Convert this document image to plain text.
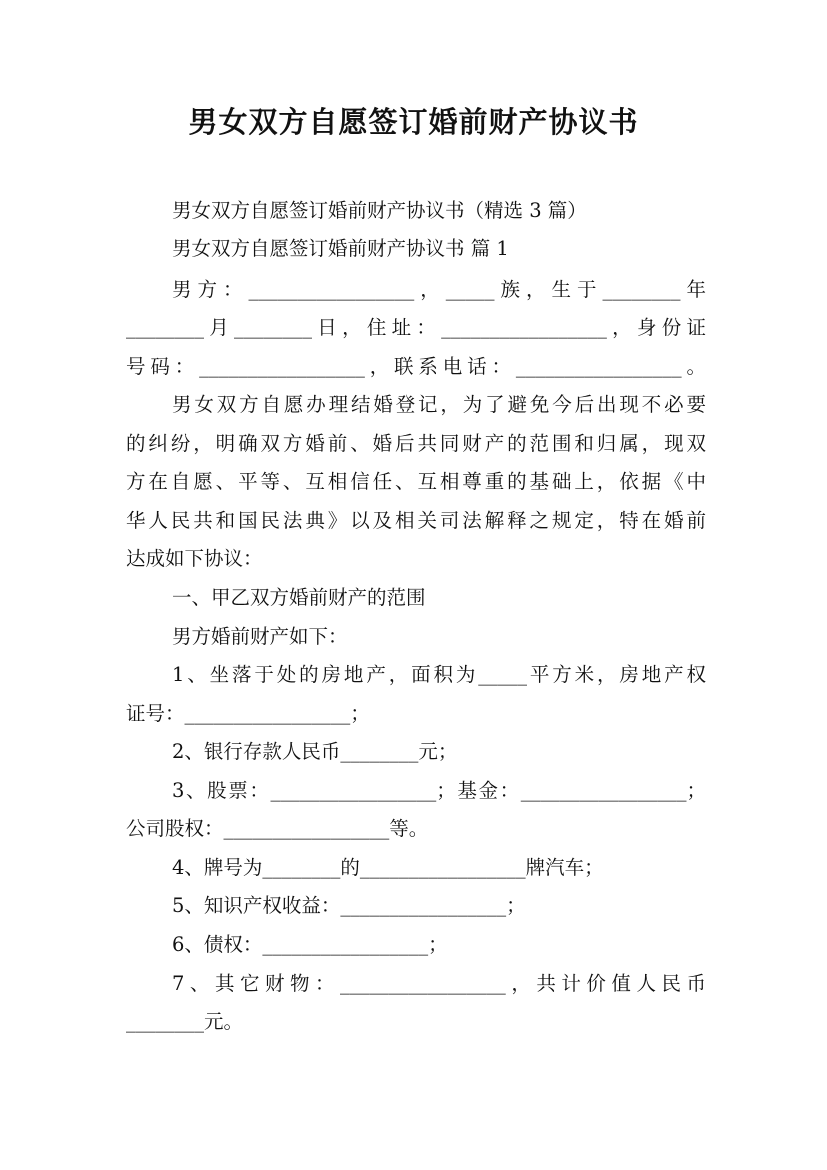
男女双方自愿签订婚前财产协议书

男女双方自愿签订婚前财产协议书（精选 3 篇）

男女双方自愿签订婚前财产协议书 篇 1

男方：_________________，_____族，生于________年

________月________日，住址：_________________，身份证

号码：_________________，联系电话：_________________。

男女双方自愿办理结婚登记，为了避免今后出现不必要

的纠纷，明确双方婚前、婚后共同财产的范围和归属，现双

方在自愿、平等、互相信任、互相尊重的基础上，依据《中

华人民共和国民法典》以及相关司法解释之规定，特在婚前

达成如下协议：

一、甲乙双方婚前财产的范围

男方婚前财产如下：

1、坐落于处的房地产，面积为_____平方米，房地产权

证号：_________________；

2、银行存款人民币________元；

3、股票：_________________；基金：_________________；

公司股权：_________________等。

4、牌号为________的_________________牌汽车；

5、知识产权收益：_________________；

6、债权：_________________；

7、其它财物：_________________，共计价值人民币

________元。
